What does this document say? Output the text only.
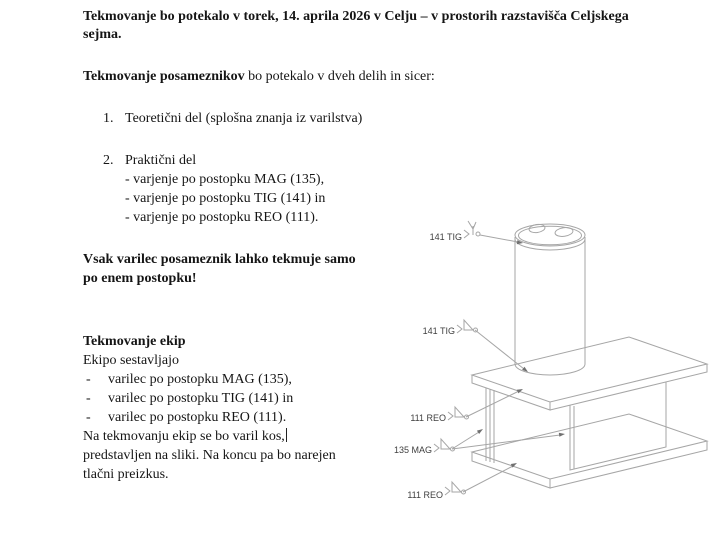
Tekmovanje bo potekalo v torek, 14. aprila 2026 v Celju – v prostorih razstavišča Celjskega
sejma.
Tekmovanje posameznikov bo potekalo v dveh delih in sicer:
1. Teoretični del (splošna znanja iz varilstva)
2. Praktični del
- varjenje po postopku MAG (135),
- varjenje po postopku TIG (141) in
- varjenje po postopku REO (111).
Vsak varilec posameznik lahko tekmuje samo
po enem postopku!
Tekmovanje ekip
Ekipo sestavljajo
- varilec po postopku MAG (135),
- varilec po postopku TIG (141) in
- varilec po postopku REO (111).
Na tekmovanju ekip se bo varil kos,
predstavljen na sliki. Na koncu pa bo narejen
tlačni preizkus.
141 TIG
141 TIG
111 REO
135 MAG
111 REO
